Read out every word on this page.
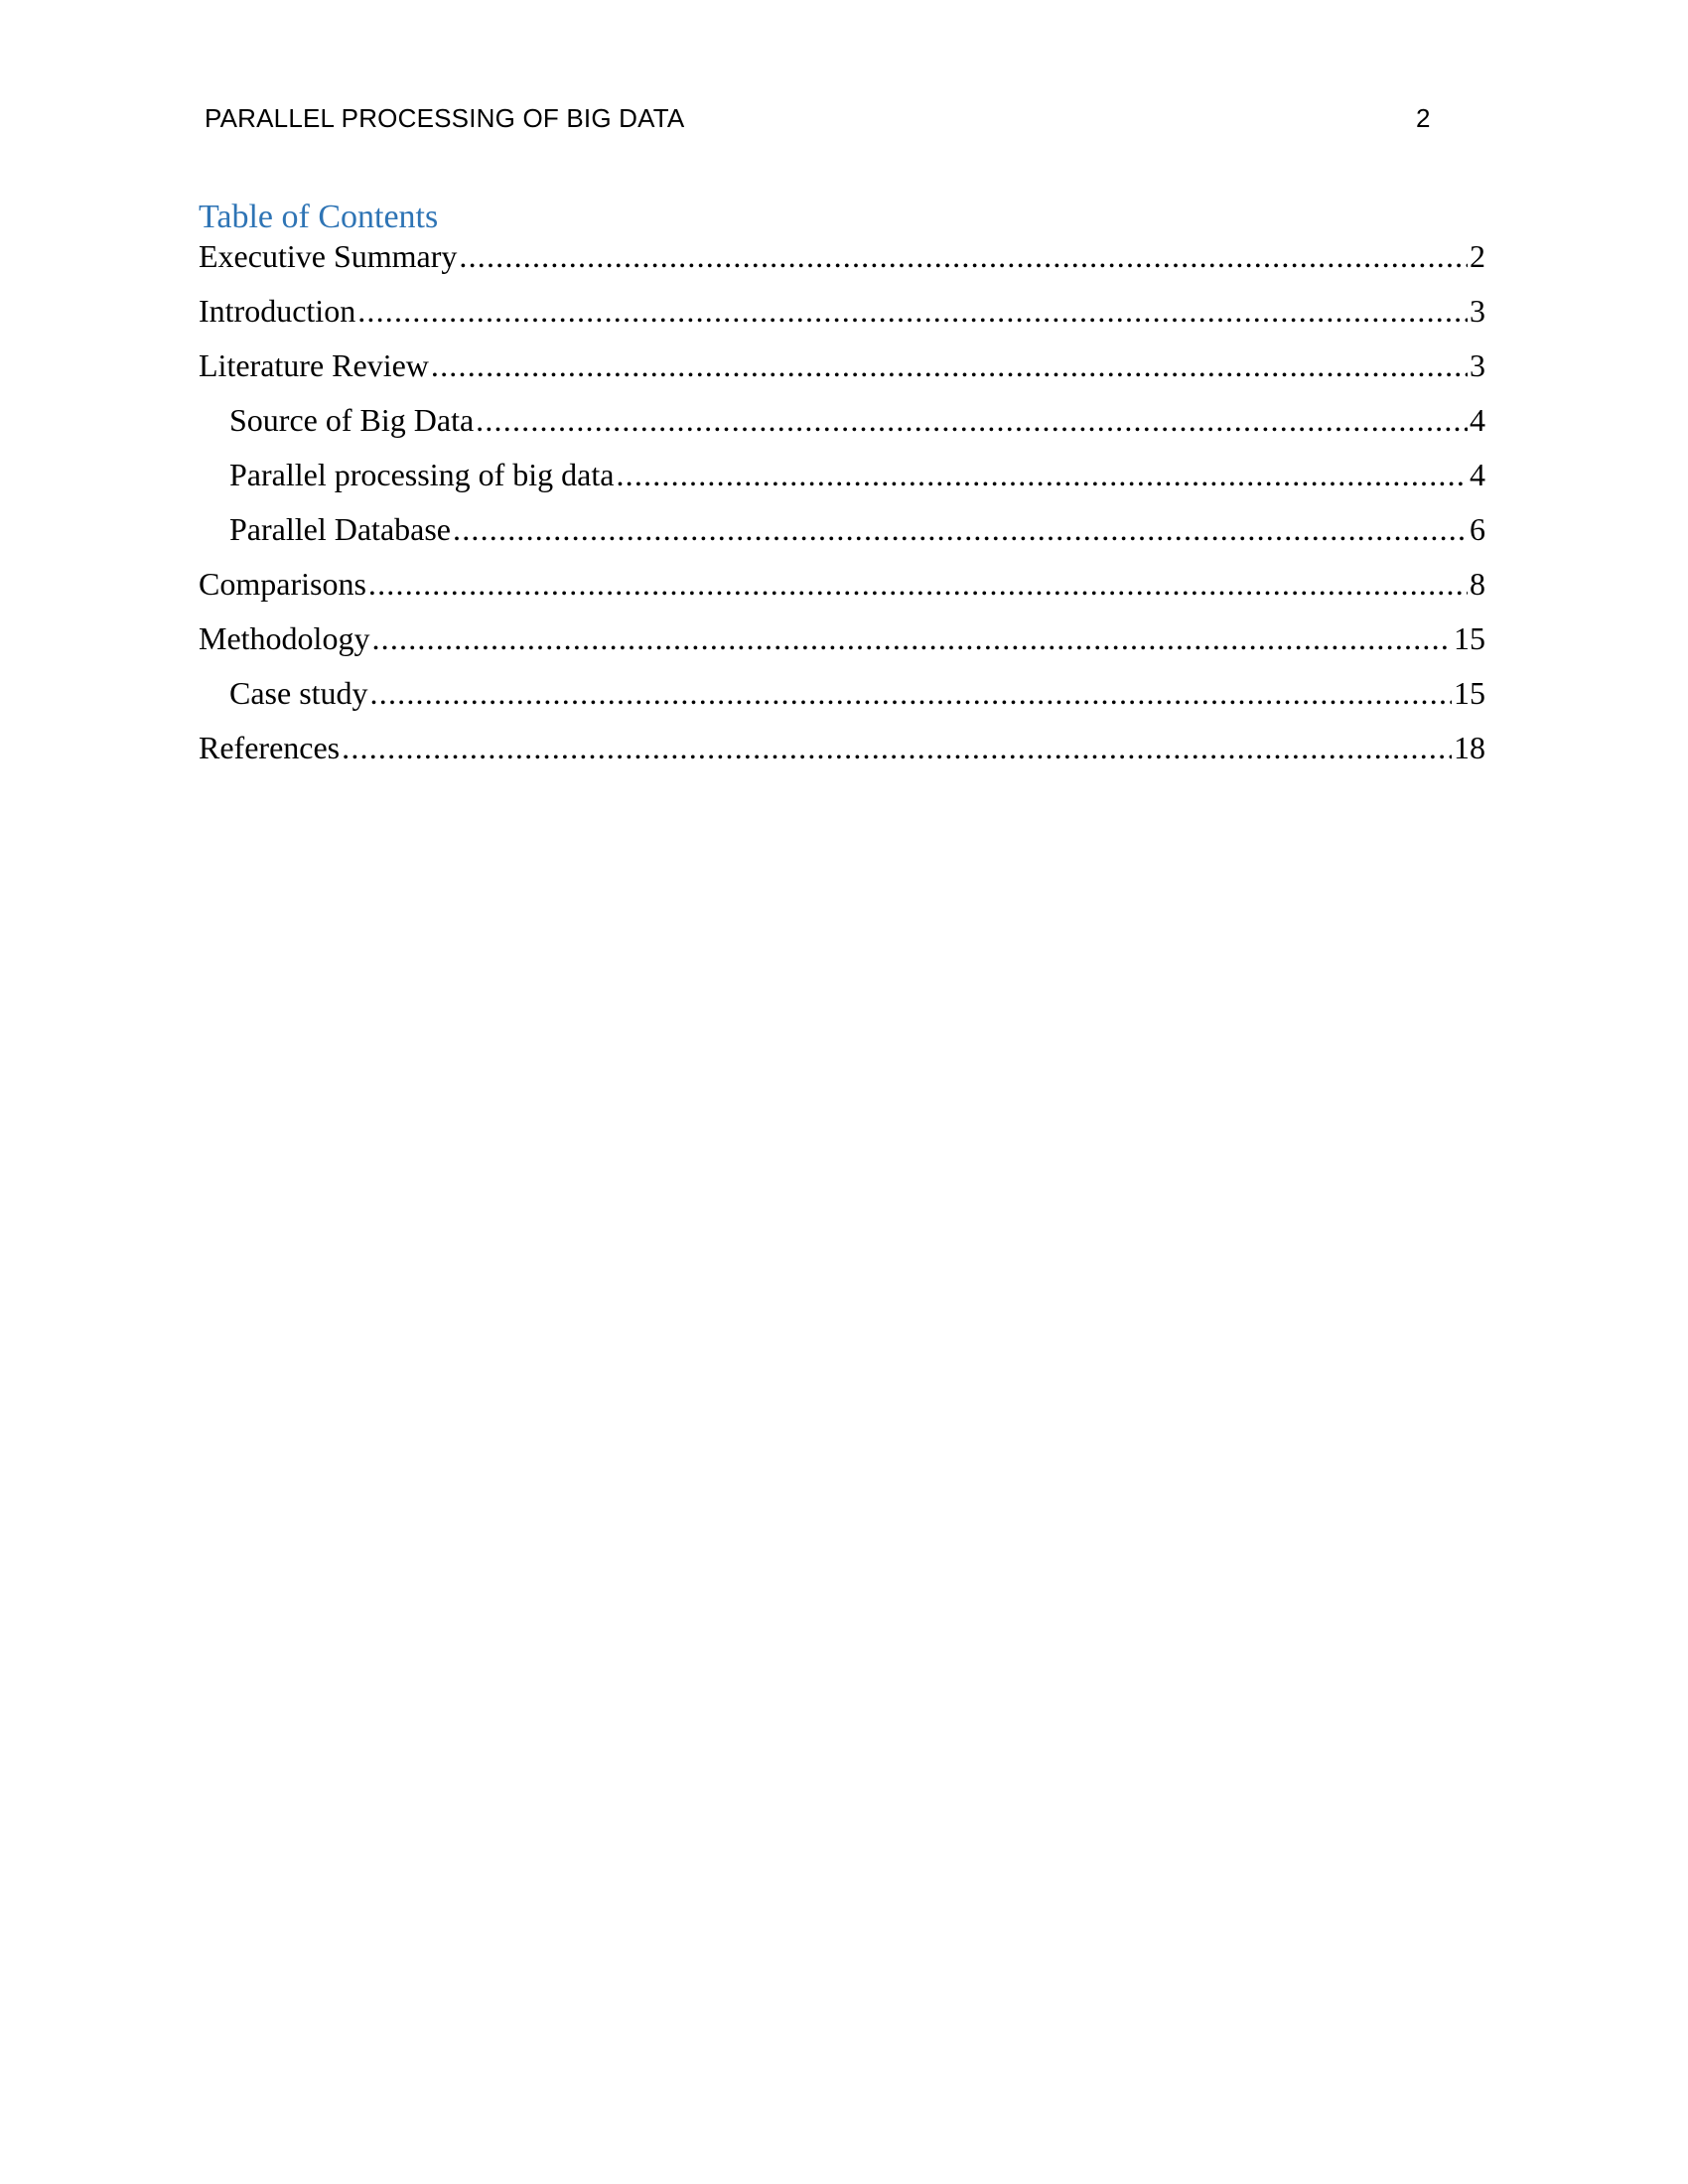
PARALLEL PROCESSING OF BIG DATA	2
Table of Contents
Executive Summary .....	2
Introduction .....	3
Literature Review .....	3
Source of Big Data .....	4
Parallel processing of big data .....	4
Parallel Database .....	6
Comparisons .....	8
Methodology .....	15
Case study .....	15
References .....	18
